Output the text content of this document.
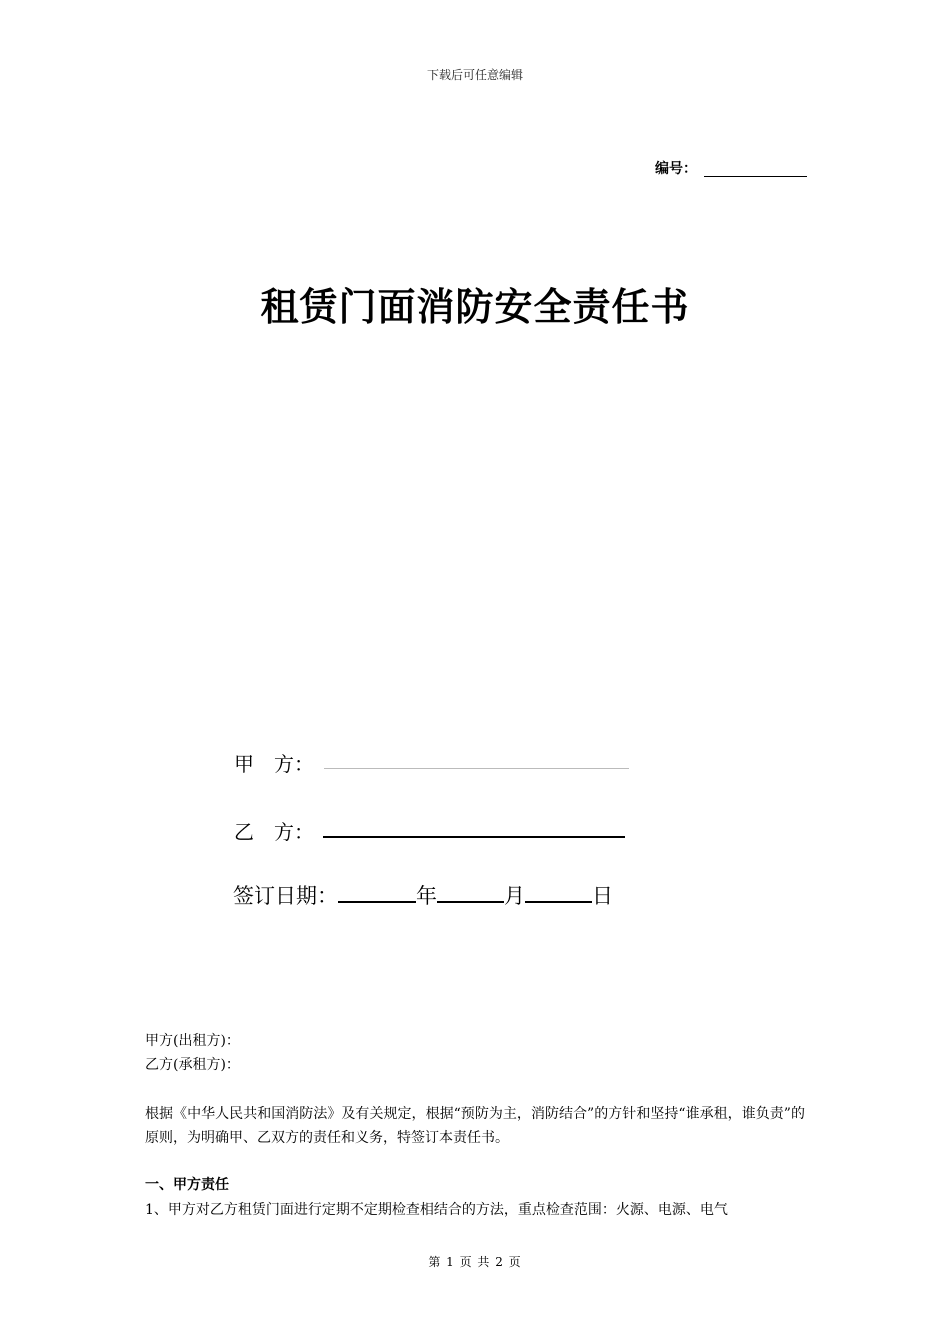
下载后可任意编辑
编号：
租赁门面消防安全责任书
甲　方：
乙　方：
签订日期：	年	月	日
甲方(出租方)：
乙方(承租方)：
根据《中华人民共和国消防法》及有关规定，根据“预防为主，消防结合”的方针和坚持“谁承租，谁负责”的原则，为明确甲、乙双方的责任和义务，特签订本责任书。
一、甲方责任
1、甲方对乙方租赁门面进行定期不定期检查相结合的方法，重点检查范围：火源、电源、电气
第 1 页 共 2 页
